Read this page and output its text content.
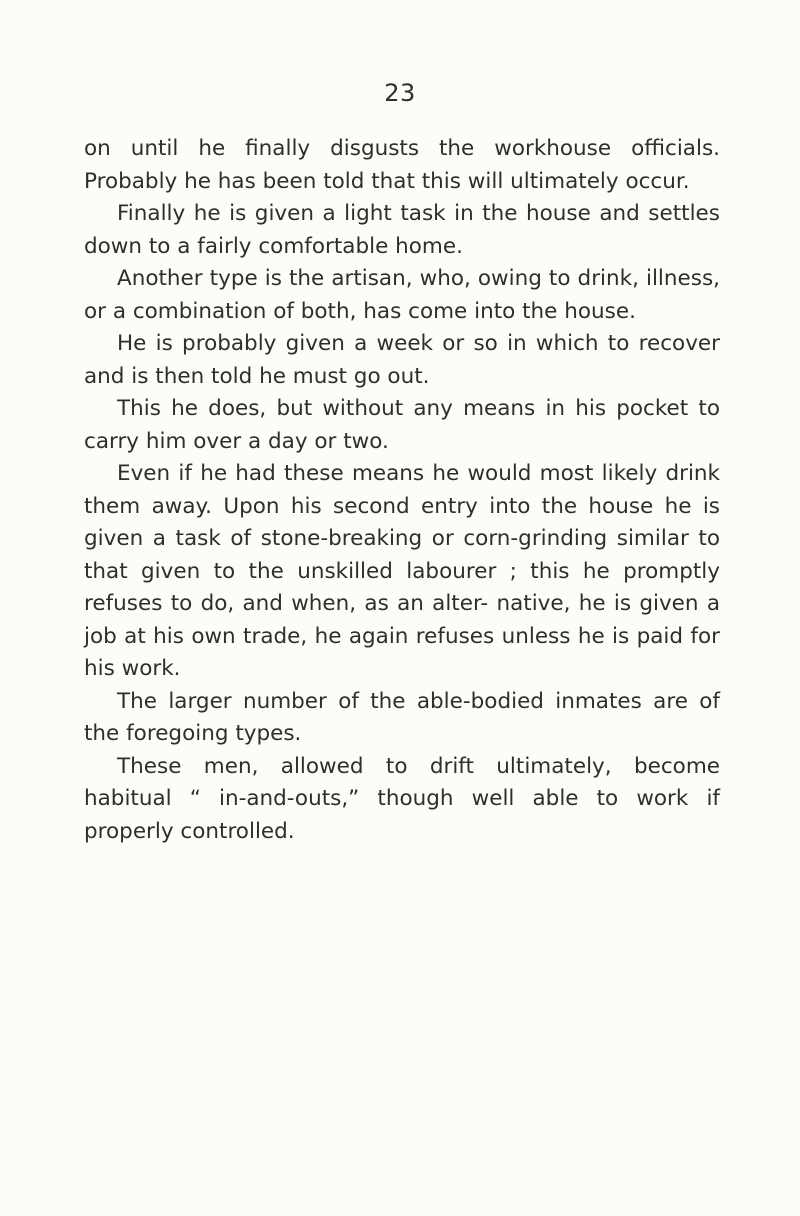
23

on until he finally disgusts the workhouse officials. Probably he has been told that this will ultimately occur.

Finally he is given a light task in the house and settles down to a fairly comfortable home.

Another type is the artisan, who, owing to drink, illness, or a combination of both, has come into the house.

He is probably given a week or so in which to recover and is then told he must go out.

This he does, but without any means in his pocket to carry him over a day or two.

Even if he had these means he would most likely drink them away. Upon his second entry into the house he is given a task of stone-breaking or corn-grinding similar to that given to the unskilled labourer ; this he promptly refuses to do, and when, as an alter- native, he is given a job at his own trade, he again refuses unless he is paid for his work.

The larger number of the able-bodied inmates are of the foregoing types.

These men, allowed to drift ultimately, become habitual “ in-and-outs,” though well able to work if properly controlled.
